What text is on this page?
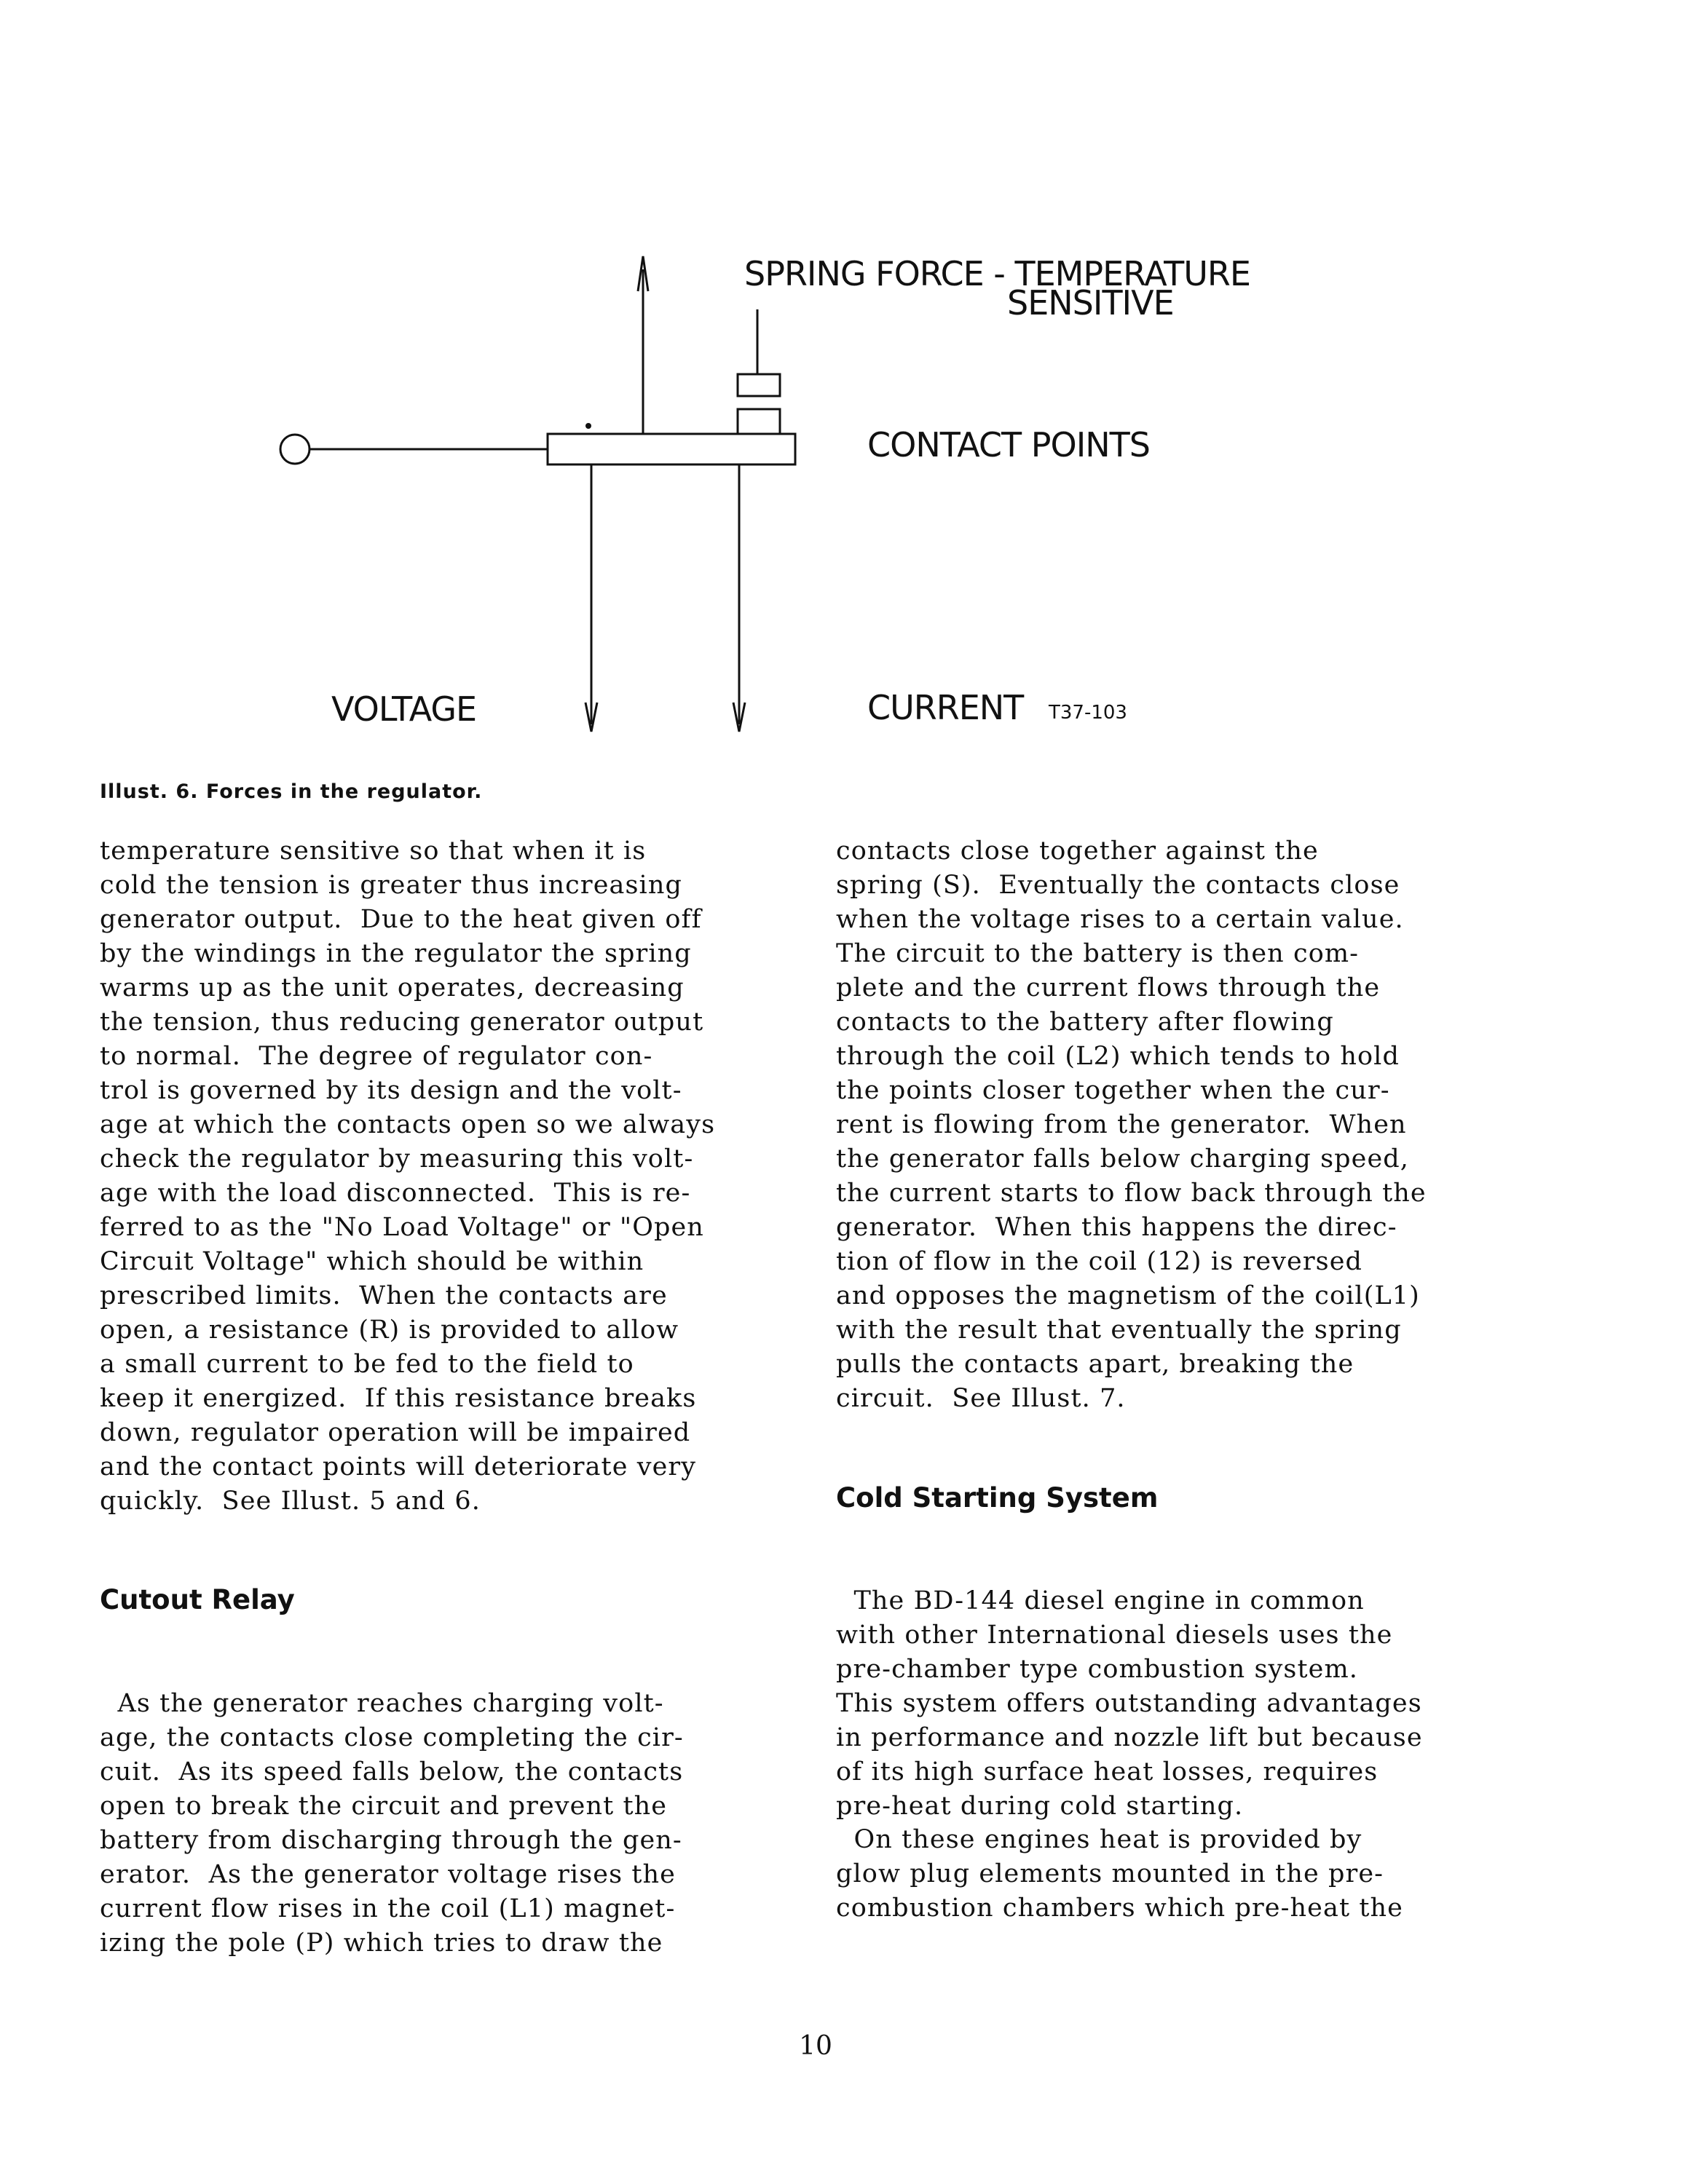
SPRING FORCE - TEMPERATURE
SENSITIVE
CONTACT POINTS
VOLTAGE	CURRENT T37-103

Illust. 6. Forces in the regulator.

temperature sensitive so that when it is

cold the tension is greater thus increasing

generator output.  Due to the heat given off

by the windings in the regulator the spring

warms up as the unit operates, decreasing

the tension, thus reducing generator output

to normal.  The degree of regulator con-

trol is governed by its design and the volt-

age at which the contacts open so we always

check the regulator by measuring this volt-

age with the load disconnected.  This is re-

ferred to as the "No Load Voltage" or "Open

Circuit Voltage" which should be within

prescribed limits.  When the contacts are

open, a resistance (R) is provided to allow

a small current to be fed to the field to

keep it energized.  If this resistance breaks

down, regulator operation will be impaired

and the contact points will deteriorate very

quickly.  See Illust. 5 and 6.

Cutout Relay

As the generator reaches charging volt-

age, the contacts close completing the cir-

cuit.  As its speed falls below, the contacts

open to break the circuit and prevent the

battery from discharging through the gen-

erator.  As the generator voltage rises the

current flow rises in the coil (L1) magnet-

izing the pole (P) which tries to draw the

contacts close together against the

spring (S).  Eventually the contacts close

when the voltage rises to a certain value.

The circuit to the battery is then com-

plete and the current flows through the

contacts to the battery after flowing

through the coil (L2) which tends to hold

the points closer together when the cur-

rent is flowing from the generator.  When

the generator falls below charging speed,

the current starts to flow back through the

generator.  When this happens the direc-

tion of flow in the coil (12) is reversed

and opposes the magnetism of the coil(L1)

with the result that eventually the spring

pulls the contacts apart, breaking the

circuit.  See Illust. 7.

Cold Starting System

The BD-144 diesel engine in common

with other International diesels uses the

pre-chamber type combustion system.

This system offers outstanding advantages

in performance and nozzle lift but because

of its high surface heat losses, requires

pre-heat during cold starting.

On these engines heat is provided by

glow plug elements mounted in the pre-

combustion chambers which pre-heat the

10
